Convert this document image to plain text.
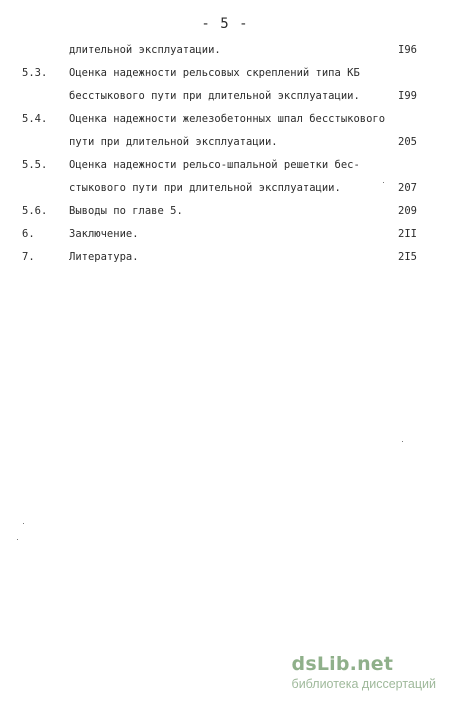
- 5 -
длительной эксплуатации.	I96
5.3. Оценка надежности рельсовых скреплений типа КБ
бесстыкового пути при длительной эксплуатации.	I99
5.4. Оценка надежности железобетонных шпал бесстыкового
пути при длительной эксплуатации.	205
5.5. Оценка надежности рельсо-шпальной решетки бес-
стыкового пути при длительной эксплуатации.	207
5.6. Выводы по главе 5.	209
6.	Заключение.	2II
7.	Литература.	2I5
dsLib.net
библиотека диссертаций
